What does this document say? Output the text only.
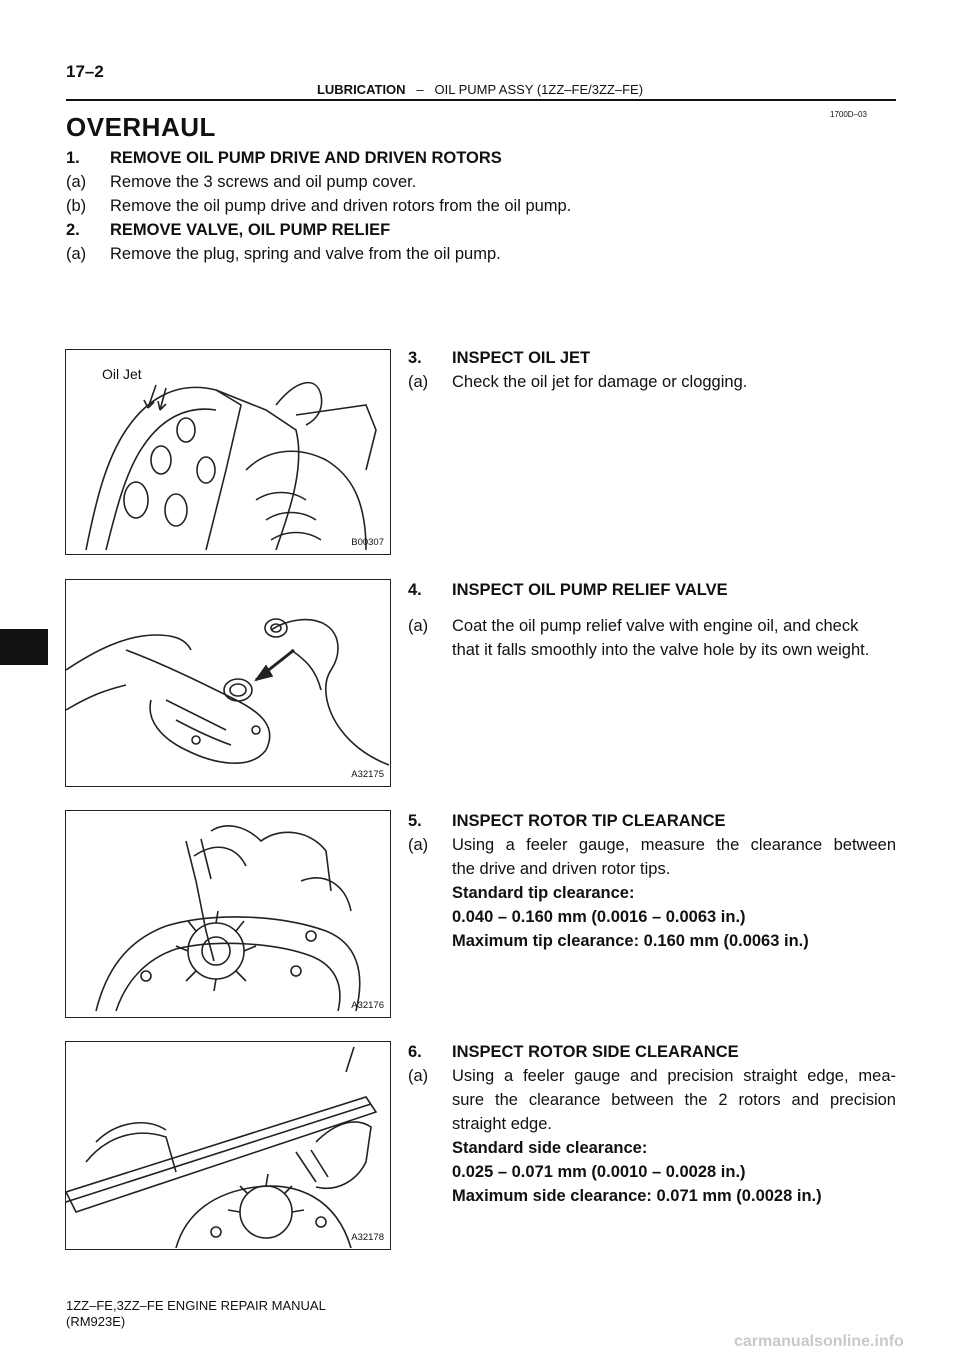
17–2
LUBRICATION – OIL PUMP ASSY (1ZZ–FE/3ZZ–FE)
1700D–03
OVERHAUL
1. REMOVE OIL PUMP DRIVE AND DRIVEN ROTORS
(a) Remove the 3 screws and oil pump cover.
(b) Remove the oil pump drive and driven rotors from the oil pump.
2. REMOVE VALVE, OIL PUMP RELIEF
(a) Remove the plug, spring and valve from the oil pump.
Oil Jet
B00307
3. INSPECT OIL JET
(a) Check the oil jet for damage or clogging.
A32175
4. INSPECT OIL PUMP RELIEF VALVE
(a) Coat the oil pump relief valve with engine oil, and check
that it falls smoothly into the valve hole by its own weight.
A32176
5. INSPECT ROTOR TIP CLEARANCE
(a) Using a feeler gauge, measure the clearance between
the drive and driven rotor tips.
Standard tip clearance:
0.040 – 0.160 mm (0.0016 – 0.0063 in.)
Maximum tip clearance: 0.160 mm (0.0063 in.)
A32178
6. INSPECT ROTOR SIDE CLEARANCE
(a) Using a feeler gauge and precision straight edge, mea-
sure the clearance between the 2 rotors and precision
straight edge.
Standard side clearance:
0.025 – 0.071 mm (0.0010 – 0.0028 in.)
Maximum side clearance: 0.071 mm (0.0028 in.)
1ZZ–FE,3ZZ–FE ENGINE REPAIR MANUAL
(RM923E)
carmanualsonline.info
